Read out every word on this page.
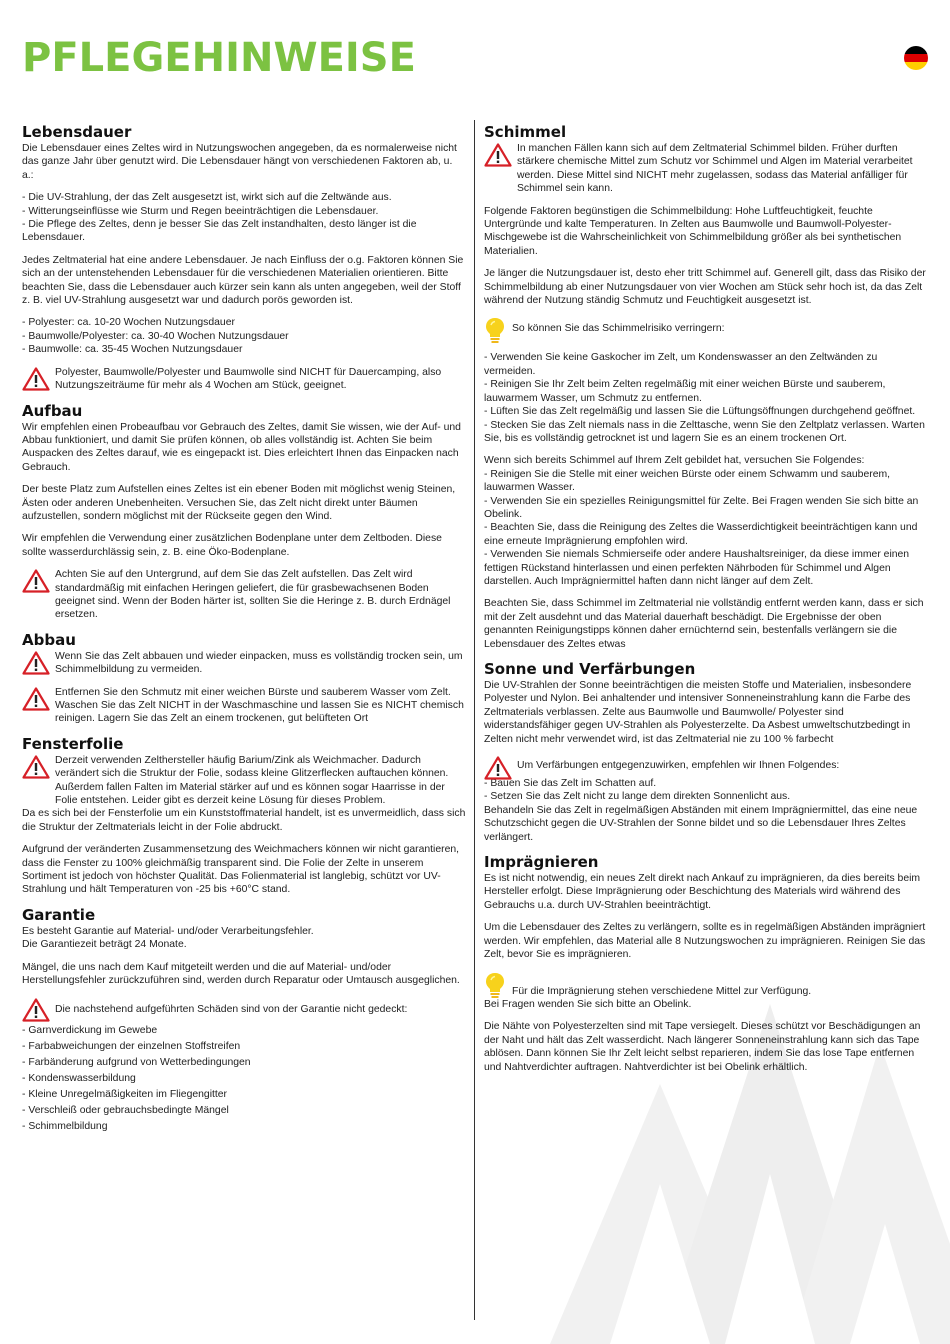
PFLEGEHINWEISE
Lebensdauer

Die Lebensdauer eines Zeltes wird in Nutzungswochen angegeben, da es normalerweise nicht das ganze Jahr über genutzt wird. Die Lebensdauer hängt von verschiedenen Faktoren ab, u. a.:

- Die UV-Strahlung, der das Zelt ausgesetzt ist, wirkt sich auf die Zeltwände aus.
- Witterungseinflüsse wie Sturm und Regen beeinträchtigen die Lebensdauer.
- Die Pflege des Zeltes, denn je besser Sie das Zelt instandhalten, desto länger ist die Lebensdauer.

Jedes Zeltmaterial hat eine andere Lebensdauer. Je nach Einfluss der o.g. Faktoren können Sie sich an der untenstehenden Lebensdauer für die verschiedenen Materialien orientieren. Bitte beachten Sie, dass die Lebensdauer auch kürzer sein kann als unten angegeben, weil der Stoff z. B. viel UV-Strahlung ausgesetzt war und dadurch porös geworden ist.

- Polyester: ca. 10-20 Wochen Nutzungsdauer
- Baumwolle/Polyester: ca. 30-40 Wochen Nutzungsdauer
- Baumwolle: ca. 35-45 Wochen Nutzungsdauer
Polyester, Baumwolle/Polyester und Baumwolle sind NICHT für Dauercamping, also Nutzungszeiträume für mehr als 4 Wochen am Stück, geeignet.
Aufbau

Wir empfehlen einen Probeaufbau vor Gebrauch des Zeltes, damit Sie wissen, wie der Auf- und Abbau funktioniert, und damit Sie prüfen können, ob alles vollständig ist. Achten Sie beim Auspacken des Zeltes darauf, wie es eingepackt ist. Dies erleichtert Ihnen das Einpacken nach Gebrauch.

Der beste Platz zum Aufstellen eines Zeltes ist ein ebener Boden mit möglichst wenig Steinen, Ästen oder anderen Unebenheiten. Versuchen Sie, das Zelt nicht direkt unter Bäumen aufzustellen, sondern möglichst mit der Rückseite gegen den Wind.

Wir empfehlen die Verwendung einer zusätzlichen Bodenplane unter dem Zeltboden. Diese sollte wasserdurchlässig sein, z. B. eine Öko-Bodenplane.

Achten Sie auf den Untergrund, auf dem Sie das Zelt aufstellen. Das Zelt wird standardmäßig mit einfachen Heringen geliefert, die für grasbewachsenen Boden geeignet sind. Wenn der Boden härter ist, sollten Sie die Heringe z. B. durch Erdnägel ersetzen.
Abbau
Wenn Sie das Zelt abbauen und wieder einpacken, muss es vollständig trocken sein, um Schimmelbildung zu vermeiden.
Entfernen Sie den Schmutz mit einer weichen Bürste und sauberem Wasser vom Zelt. Waschen Sie das Zelt NICHT in der Waschmaschine und lassen Sie es NICHT chemisch reinigen. Lagern Sie das Zelt an einem trockenen, gut belüfteten Ort
Fensterfolie
Derzeit verwenden Zelthersteller häufig Barium/Zink als Weichmacher. Dadurch verändert sich die Struktur der Folie, sodass kleine Glitzerflecken auftauchen können. Außerdem fallen Falten im Material stärker auf und es können sogar Haarrisse in der Folie entstehen. Leider gibt es derzeit keine Lösung für dieses Problem.

Da es sich bei der Fensterfolie um ein Kunststoffmaterial handelt, ist es unvermeidlich, dass sich die Struktur der Zeltmaterials leicht in der Folie abdruckt.

Aufgrund der veränderten Zusammensetzung des Weichmachers können wir nicht garantieren, dass die Fenster zu 100% gleichmäßig transparent sind. Die Folie der Zelte in unserem Sortiment ist jedoch von höchster Qualität. Das Folienmaterial ist langlebig, schützt vor UV-Strahlung und hält Temperaturen von -25 bis +60°C stand.

Garantie

Es besteht Garantie auf Material- und/oder Verarbeitungsfehler.
Die Garantiezeit beträgt 24 Monate.

Mängel, die uns nach dem Kauf mitgeteilt werden und die auf Material- und/oder Herstellungsfehler zurückzuführen sind, werden durch Reparatur oder Umtausch ausgeglichen.

Die nachstehend aufgeführten Schäden sind von der Garantie nicht gedeckt:
- Garnverdickung im Gewebe
- Farbabweichungen der einzelnen Stoffstreifen
- Farbänderung aufgrund von Wetterbedingungen
- Kondenswasserbildung
- Kleine Unregelmäßigkeiten im Fliegengitter
- Verschleiß oder gebrauchsbedingte Mängel
- Schimmelbildung
Schimmel
In manchen Fällen kann sich auf dem Zeltmaterial Schimmel bilden. Früher durften stärkere chemische Mittel zum Schutz vor Schimmel und Algen im Material verarbeitet werden. Diese Mittel sind NICHT mehr zugelassen, sodass das Material anfälliger für Schimmel sein kann.

Folgende Faktoren begünstigen die Schimmelbildung: Hohe Luftfeuchtigkeit, feuchte Untergründe und kalte Temperaturen. In Zelten aus Baumwolle und Baumwoll-Polyester-Mischgewebe ist die Wahrscheinlichkeit von Schimmelbildung größer als bei synthetischen Materialien.

Je länger die Nutzungsdauer ist, desto eher tritt Schimmel auf. Generell gilt, dass das Risiko der Schimmelbildung ab einer Nutzungsdauer von vier Wochen am Stück sehr hoch ist, da das Zelt während der Nutzung ständig Schmutz und Feuchtigkeit ausgesetzt ist.

So können Sie das Schimmelrisiko verringern:
- Verwenden Sie keine Gaskocher im Zelt, um Kondenswasser an den Zeltwänden zu vermeiden.
- Reinigen Sie Ihr Zelt beim Zelten regelmäßig mit einer weichen Bürste und sauberem, lauwarmem Wasser, um Schmutz zu entfernen.
- Lüften Sie das Zelt regelmäßig und lassen Sie die Lüftungsöffnungen durchgehend geöffnet.
- Stecken Sie das Zelt niemals nass in die Zelttasche, wenn Sie den Zeltplatz verlassen. Warten Sie, bis es vollständig getrocknet ist und lagern Sie es an einem trockenen Ort.

Wenn sich bereits Schimmel auf Ihrem Zelt gebildet hat, versuchen Sie Folgendes:

- Reinigen Sie die Stelle mit einer weichen Bürste oder einem Schwamm und sauberem, lauwarmen Wasser.
- Verwenden Sie ein spezielles Reinigungsmittel für Zelte. Bei Fragen wenden Sie sich bitte an Obelink.
- Beachten Sie, dass die Reinigung des Zeltes die Wasserdichtigkeit beeinträchtigen kann und eine erneute Imprägnierung empfohlen wird.
- Verwenden Sie niemals Schmierseife oder andere Haushaltsreiniger, da diese immer einen fettigen Rückstand hinterlassen und einen perfekten Nährboden für Schimmel und Algen darstellen. Auch Imprägniermittel haften dann nicht länger auf dem Zelt.

Beachten Sie, dass Schimmel im Zeltmaterial nie vollständig entfernt werden kann, dass er sich mit der Zelt ausdehnt und das Material dauerhaft beschädigt. Die Ergebnisse der oben genannten Reinigungstipps können daher ernüchternd sein, bestenfalls verlängern sie die Lebensdauer des Zeltes etwas

Sonne und Verfärbungen

Die UV-Strahlen der Sonne beeinträchtigen die meisten Stoffe und Materialien, insbesondere Polyester und Nylon. Bei anhaltender und intensiver Sonneneinstrahlung kann die Farbe des Zeltmaterials verblassen. Zelte aus Baumwolle und Baumwolle/ Polyester sind widerstandsfähiger gegen UV-Strahlen als Polyesterzelte. Da Asbest umweltschutzbedingt in Zelten nicht mehr verwendet wird, ist das Zeltmaterial nie zu 100 % farbecht

Um Verfärbungen entgegenzuwirken, empfehlen wir Ihnen Folgendes:
- Bauen Sie das Zelt im Schatten auf.
- Setzen Sie das Zelt nicht zu lange dem direkten Sonnenlicht aus.

Behandeln Sie das Zelt in regelmäßigen Abständen mit einem Imprägniermittel, das eine neue Schutzschicht gegen die UV-Strahlen der Sonne bildet und so die Lebensdauer Ihres Zeltes verlängert.

Imprägnieren

Es ist nicht notwendig, ein neues Zelt direkt nach Ankauf zu imprägnieren, da dies bereits beim Hersteller erfolgt. Diese Imprägnierung oder Beschichtung des Materials wird während des Gebrauchs u.a. durch UV-Strahlen beeinträchtigt.

Um die Lebensdauer des Zeltes zu verlängern, sollte es in regelmäßigen Abständen imprägniert werden. Wir empfehlen, das Material alle 8 Nutzungswochen zu imprägnieren. Reinigen Sie das Zelt, bevor Sie es imprägnieren.

Für die Imprägnierung stehen verschiedene Mittel zur Verfügung.

Bei Fragen wenden Sie sich bitte an Obelink.

Die Nähte von Polyesterzelten sind mit Tape versiegelt. Dieses schützt vor Beschädigungen an der Naht und hält das Zelt wasserdicht. Nach längerer Sonneneinstrahlung kann sich das Tape ablösen. Dann können Sie Ihr Zelt leicht selbst reparieren, indem Sie das lose Tape entfernen und Nahtverdichter auftragen. Nahtverdichter ist bei Obelink erhältlich.
